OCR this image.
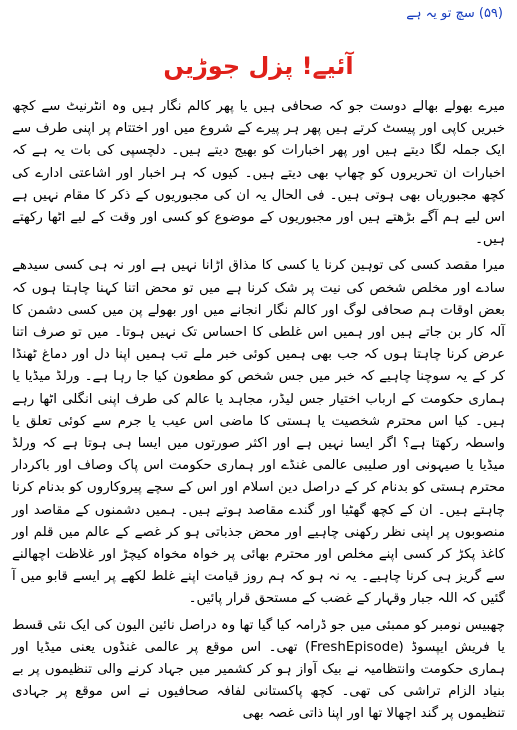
(۵۹) سچ تو یہ ہے
آئیے! پزل جوڑیں

میرے بھولے بھالے دوست جو کہ صحافی ہیں یا پھر کالم نگار ہیں وہ انٹرنیٹ سے کچھ خبریں کاپی اور پیسٹ کرتے ہیں پھر ہر پیرے کے شروع میں اور اختتام پر اپنی طرف سے ایک جملہ لگا دیتے ہیں اور پھر اخبارات کو بھیج دیتے ہیں۔ دلچسپی کی بات یہ ہے کہ اخبارات ان تحریروں کو چھاپ بھی دیتے ہیں۔ کیوں کہ ہر اخبار اور اشاعتی ادارے کی کچھ مجبوریاں بھی ہوتی ہیں۔ فی الحال یہ ان کی مجبوریوں کے ذکر کا مقام نہیں ہے اس لیے ہم آگے بڑھتے ہیں اور مجبوریوں کے موضوع کو کسی اور وقت کے لیے اٹھا رکھتے ہیں۔

میرا مقصد کسی کی توہین کرنا یا کسی کا مذاق اڑانا نہیں ہے اور نہ ہی کسی سیدھے سادے اور مخلص شخص کی نیت پر شک کرنا ہے میں تو محض اتنا کہنا چاہتا ہوں کہ بعض اوقات ہم صحافی لوگ اور کالم نگار انجانے میں اور بھولے پن میں کسی دشمن کا آلہ کار بن جاتے ہیں اور ہمیں اس غلطی کا احساس تک نہیں ہوتا۔ میں تو صرف اتنا عرض کرنا چاہتا ہوں کہ جب بھی ہمیں کوئی خبر ملے تب ہمیں اپنا دل اور دماغ ٹھنڈا کر کے یہ سوچنا چاہیے کہ خبر میں جس شخص کو مطعون کیا جا رہا ہے۔ ورلڈ میڈیا یا ہماری حکومت کے ارباب اختیار جس لیڈر، مجاہد یا عالم کی طرف اپنی انگلی اٹھا رہے ہیں۔ کیا اس محترم شخصیت یا ہستی کا ماضی اس عیب یا جرم سے کوئی تعلق یا واسطہ رکھتا ہے؟ اگر ایسا نہیں ہے اور اکثر صورتوں میں ایسا ہی ہوتا ہے کہ ورلڈ میڈیا یا صیہونی اور صلیبی عالمی غنڈے اور ہماری حکومت اس پاک وصاف اور باکردار محترم ہستی کو بدنام کر کے دراصل دین اسلام اور اس کے سچے پیروکاروں کو بدنام کرنا چاہتے ہیں۔ ان کے کچھ گھٹیا اور گندے مقاصد ہوتے ہیں۔ ہمیں دشمنوں کے مقاصد اور منصوبوں پر اپنی نظر رکھنی چاہیے اور محض جذباتی ہو کر غصے کے عالم میں قلم اور کاغذ پکڑ کر کسی اپنے مخلص اور محترم بھائی پر خواہ مخواہ کیچڑ اور غلاظت اچھالنے سے گریز ہی کرنا چاہیے۔ یہ نہ ہو کہ ہم روز قیامت اپنے غلط لکھے پر ایسے قابو میں آ گئیں کہ اللہ جبار وقہار کے غضب کے مستحق قرار پائیں۔

چھبیس نومبر کو ممبئی میں جو ڈرامہ کیا گیا تھا وہ دراصل نائین الیون کی ایک نئی قسط یا فریش ایپسوڈ (FreshEpisode) تھی۔ اس موقع پر عالمی غنڈوں یعنی میڈیا اور ہماری حکومت وانتظامیہ نے بیک آواز ہو کر کشمیر میں جہاد کرنے والی تنظیموں پر بے بنیاد الزام تراشی کی تھی۔ کچھ پاکستانی لفافہ صحافیوں نے اس موقع پر جہادی تنظیموں پر گند اچھالا تھا اور اپنا ذاتی غصہ بھی
